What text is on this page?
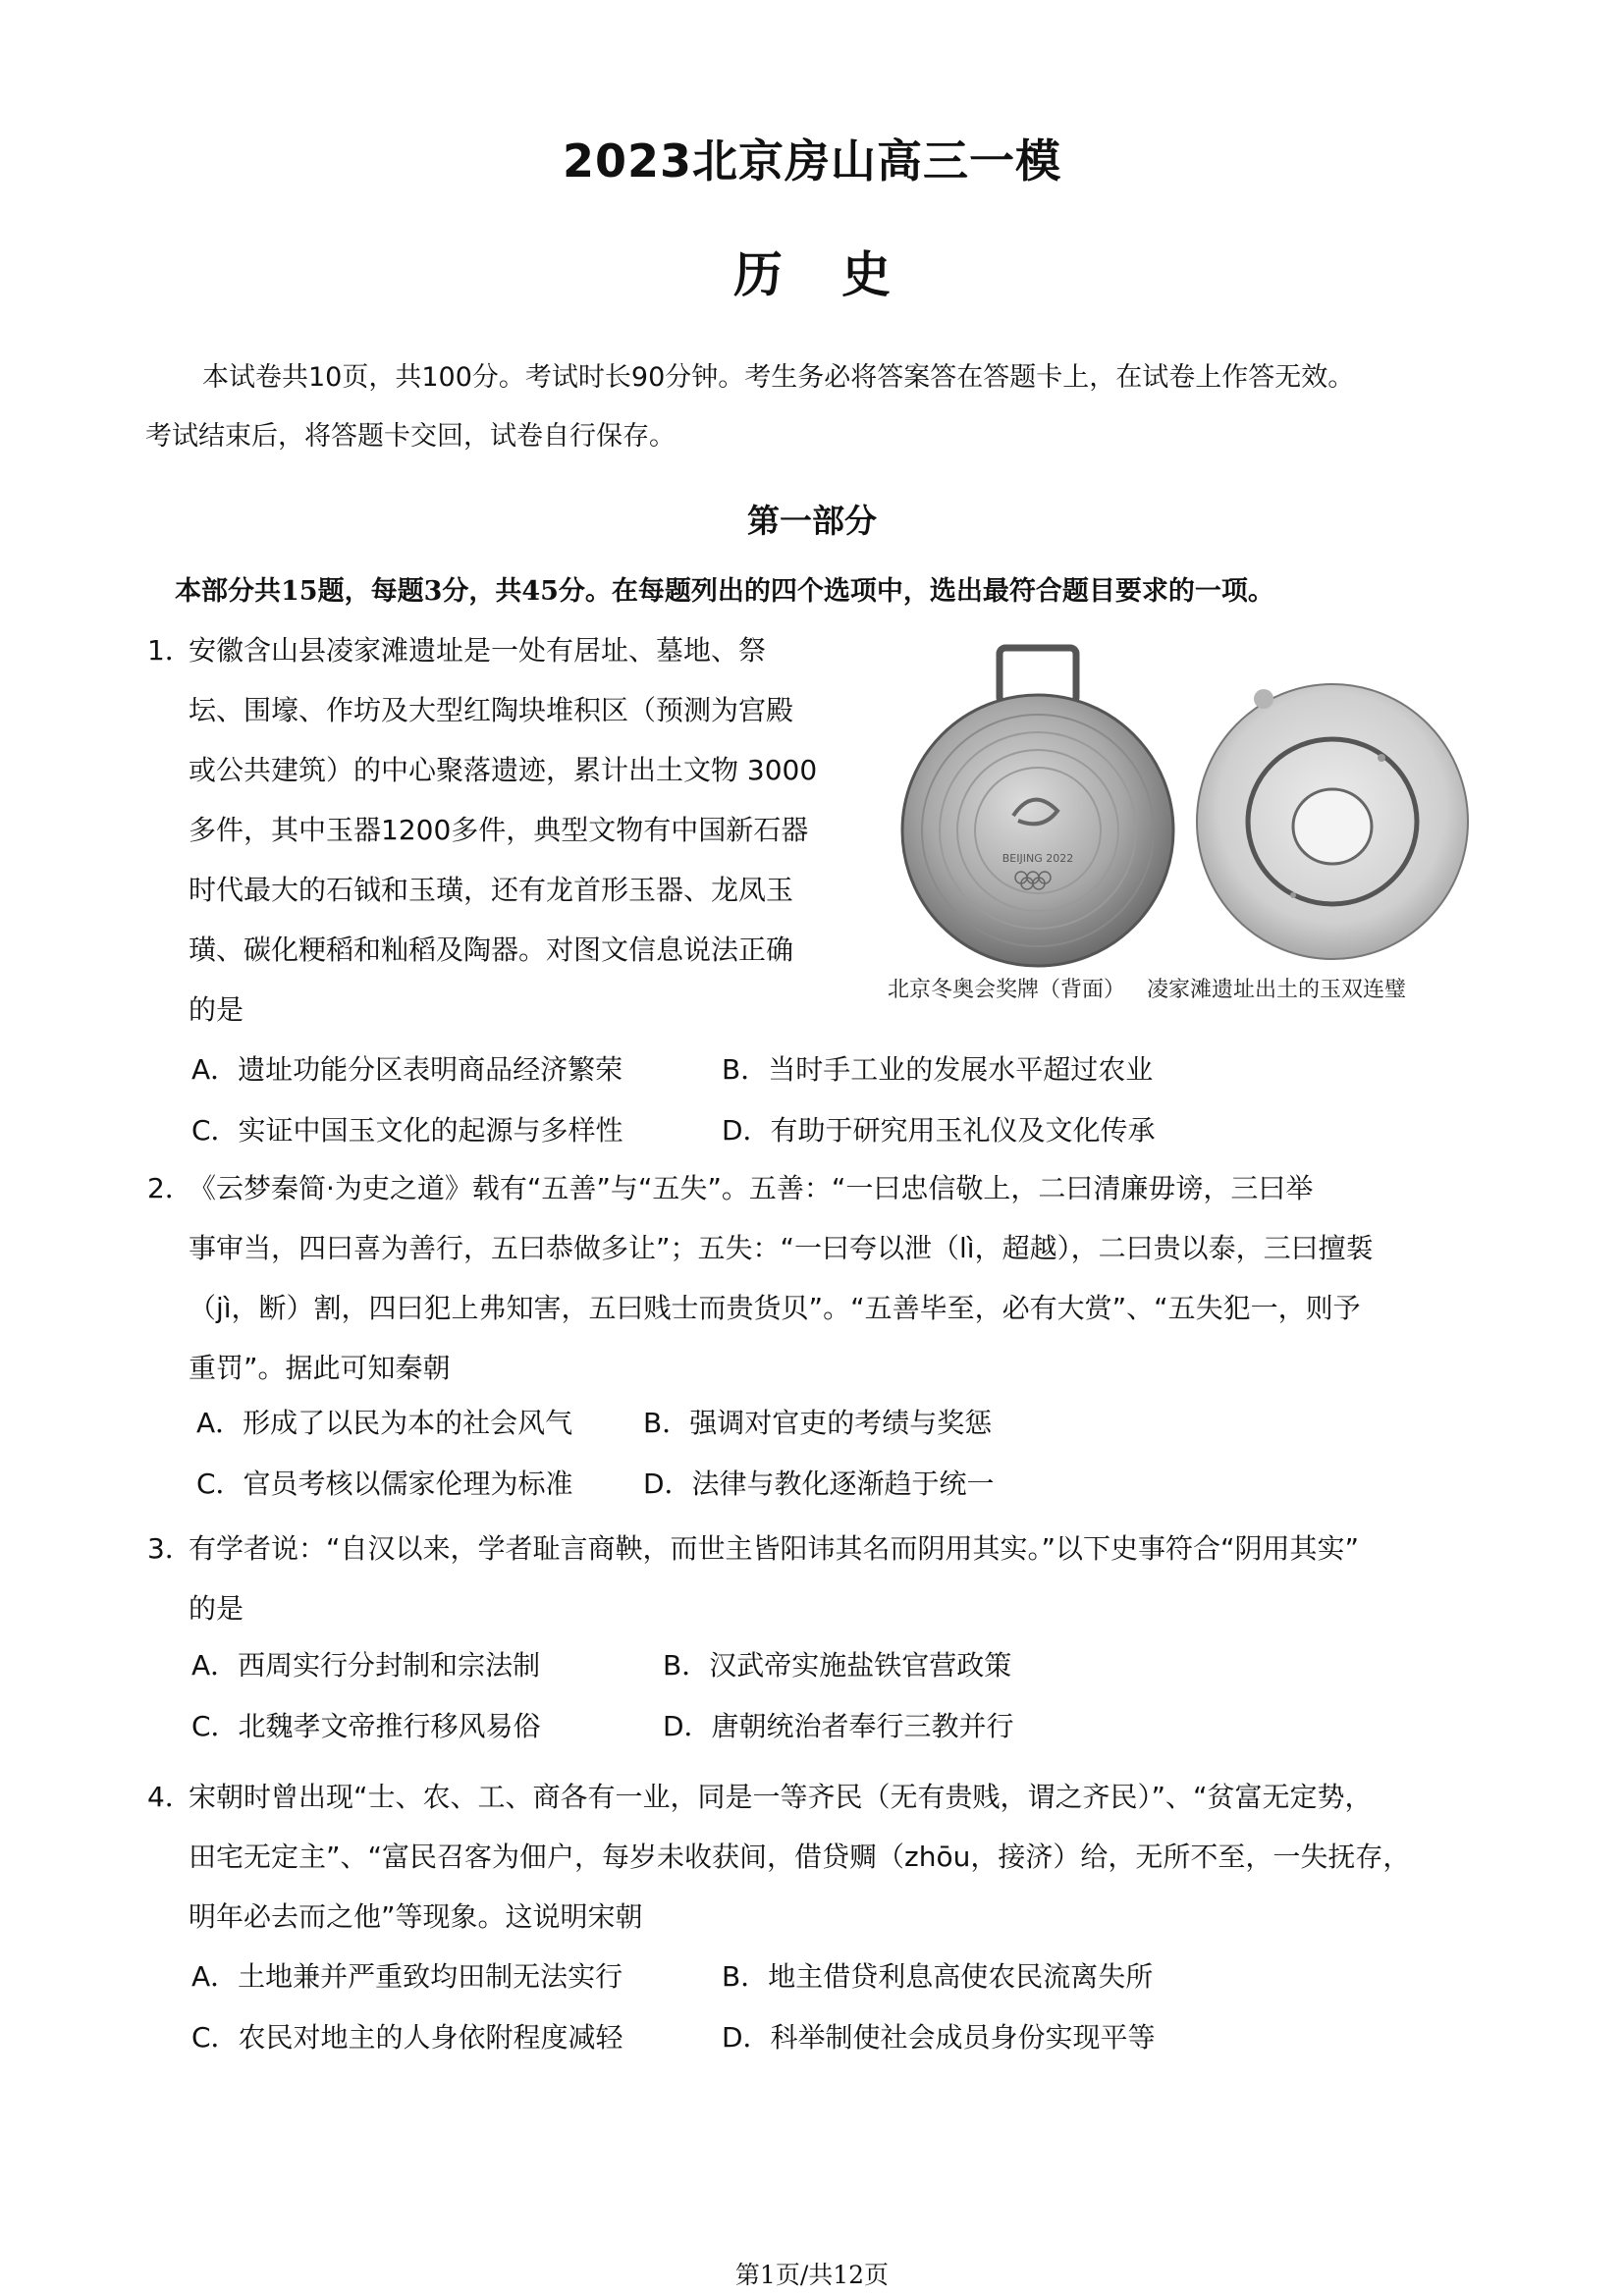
2023北京房山高三一模
历史
本试卷共10页，共100分。考试时长90分钟。考生务必将答案答在答题卡上，在试卷上作答无效。
考试结束后，将答题卡交回，试卷自行保存。
第一部分
本部分共15题，每题3分，共45分。在每题列出的四个选项中，选出最符合题目要求的一项。
1．
安徽含山县凌家滩遗址是一处有居址、墓地、祭
坛、围壕、作坊及大型红陶块堆积区（预测为宫殿
或公共建筑）的中心聚落遗迹，累计出土文物 3000
多件，其中玉器1200多件，典型文物有中国新石器
时代最大的石钺和玉璜，还有龙首形玉器、龙凤玉
璜、碳化粳稻和籼稻及陶器。对图文信息说法正确
的是
BEIJING 2022
北京冬奥会奖牌（背面） 凌家滩遗址出土的玉双连璧
A．遗址功能分区表明商品经济繁荣	B．当时手工业的发展水平超过农业
C．实证中国玉文化的起源与多样性	D．有助于研究用玉礼仪及文化传承
2．
《云梦秦简·为吏之道》载有“五善”与“五失”。五善：“一曰忠信敬上，二曰清廉毋谤，三曰举
事审当，四曰喜为善行，五曰恭做多让”；五失：“一曰夸以泄（lì，超越），二曰贵以泰，三曰擅裚
（jì，断）割，四曰犯上弗知害，五曰贱士而贵货贝”。“五善毕至，必有大赏”、“五失犯一，则予
重罚”。据此可知秦朝
A．形成了以民为本的社会风气	B．强调对官吏的考绩与奖惩
C．官员考核以儒家伦理为标准	D．法律与教化逐渐趋于统一
3．
有学者说：“自汉以来，学者耻言商鞅，而世主皆阳讳其名而阴用其实。”以下史事符合“阴用其实”
的是
A．西周实行分封制和宗法制	B．汉武帝实施盐铁官营政策
C．北魏孝文帝推行移风易俗	D．唐朝统治者奉行三教并行
4．
宋朝时曾出现“士、农、工、商各有一业，同是一等齐民（无有贵贱，谓之齐民）”、“贫富无定势，
田宅无定主”、“富民召客为佃户，每岁未收获间，借贷赒（zhōu，接济）给，无所不至，一失抚存，
明年必去而之他”等现象。这说明宋朝
A．土地兼并严重致均田制无法实行	B．地主借贷利息高使农民流离失所
C．农民对地主的人身依附程度减轻	D．科举制使社会成员身份实现平等
第1页/共12页
